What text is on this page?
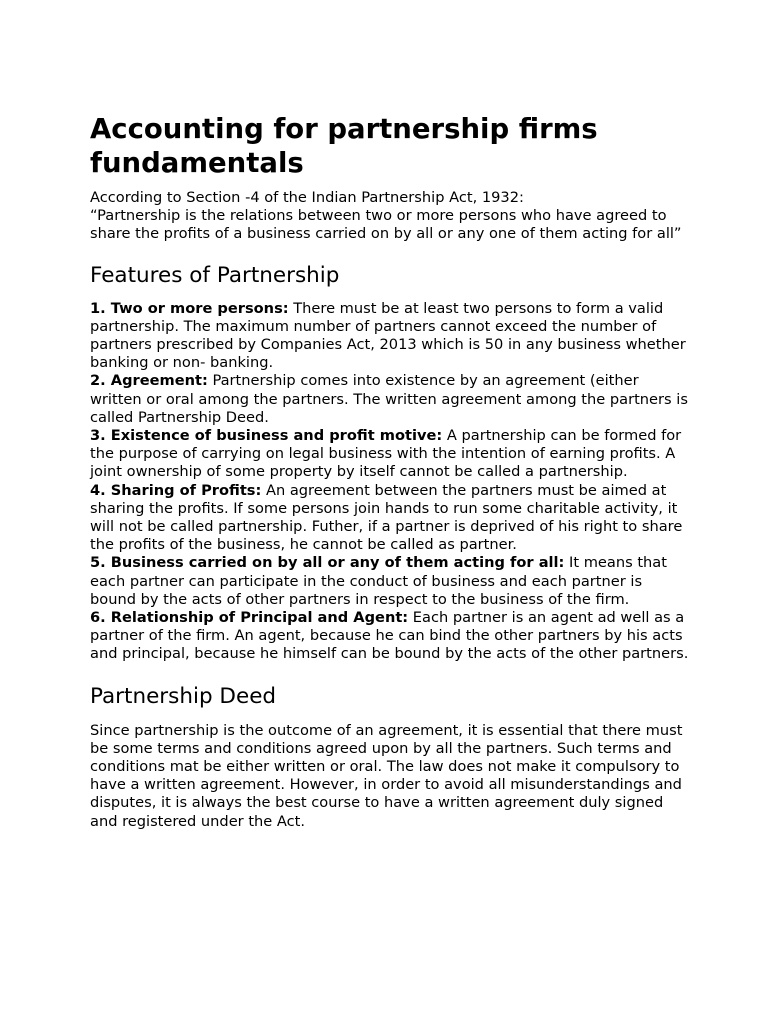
Accounting for partnership firms fundamentals

According to Section -4 of the Indian Partnership Act, 1932:

“Partnership is the relations between two or more persons who have agreed to share the profits of a business carried on by all or any one of them acting for all”

Features of Partnership

1. Two or more persons: There must be at least two persons to form a valid partnership. The maximum number of partners cannot exceed the number of partners prescribed by Companies Act, 2013 which is 50 in any business whether banking or non- banking.

2. Agreement: Partnership comes into existence by an agreement (either written or oral among the partners. The written agreement among the partners is called Partnership Deed.

3. Existence of business and profit motive: A partnership can be formed for the purpose of carrying on legal business with the intention of earning profits. A joint ownership of some property by itself cannot be called a partnership.

4. Sharing of Profits: An agreement between the partners must be aimed at sharing the profits. If some persons join hands to run some charitable activity, it will not be called partnership. Futher, if a partner is deprived of his right to share the profits of the business, he cannot be called as partner.

5. Business carried on by all or any of them acting for all: It means that each partner can participate in the conduct of business and each partner is bound by the acts of other partners in respect to the business of the firm.

6. Relationship of Principal and Agent: Each partner is an agent ad well as a partner of the firm. An agent, because he can bind the other partners by his acts and principal, because he himself can be bound by the acts of the other partners.

Partnership Deed

Since partnership is the outcome of an agreement, it is essential that there must be some terms and conditions agreed upon by all the partners. Such terms and conditions mat be either written or oral. The law does not make it compulsory to have a written agreement. However, in order to avoid all misunderstandings and disputes, it is always the best course to have a written agreement duly signed and registered under the Act.
